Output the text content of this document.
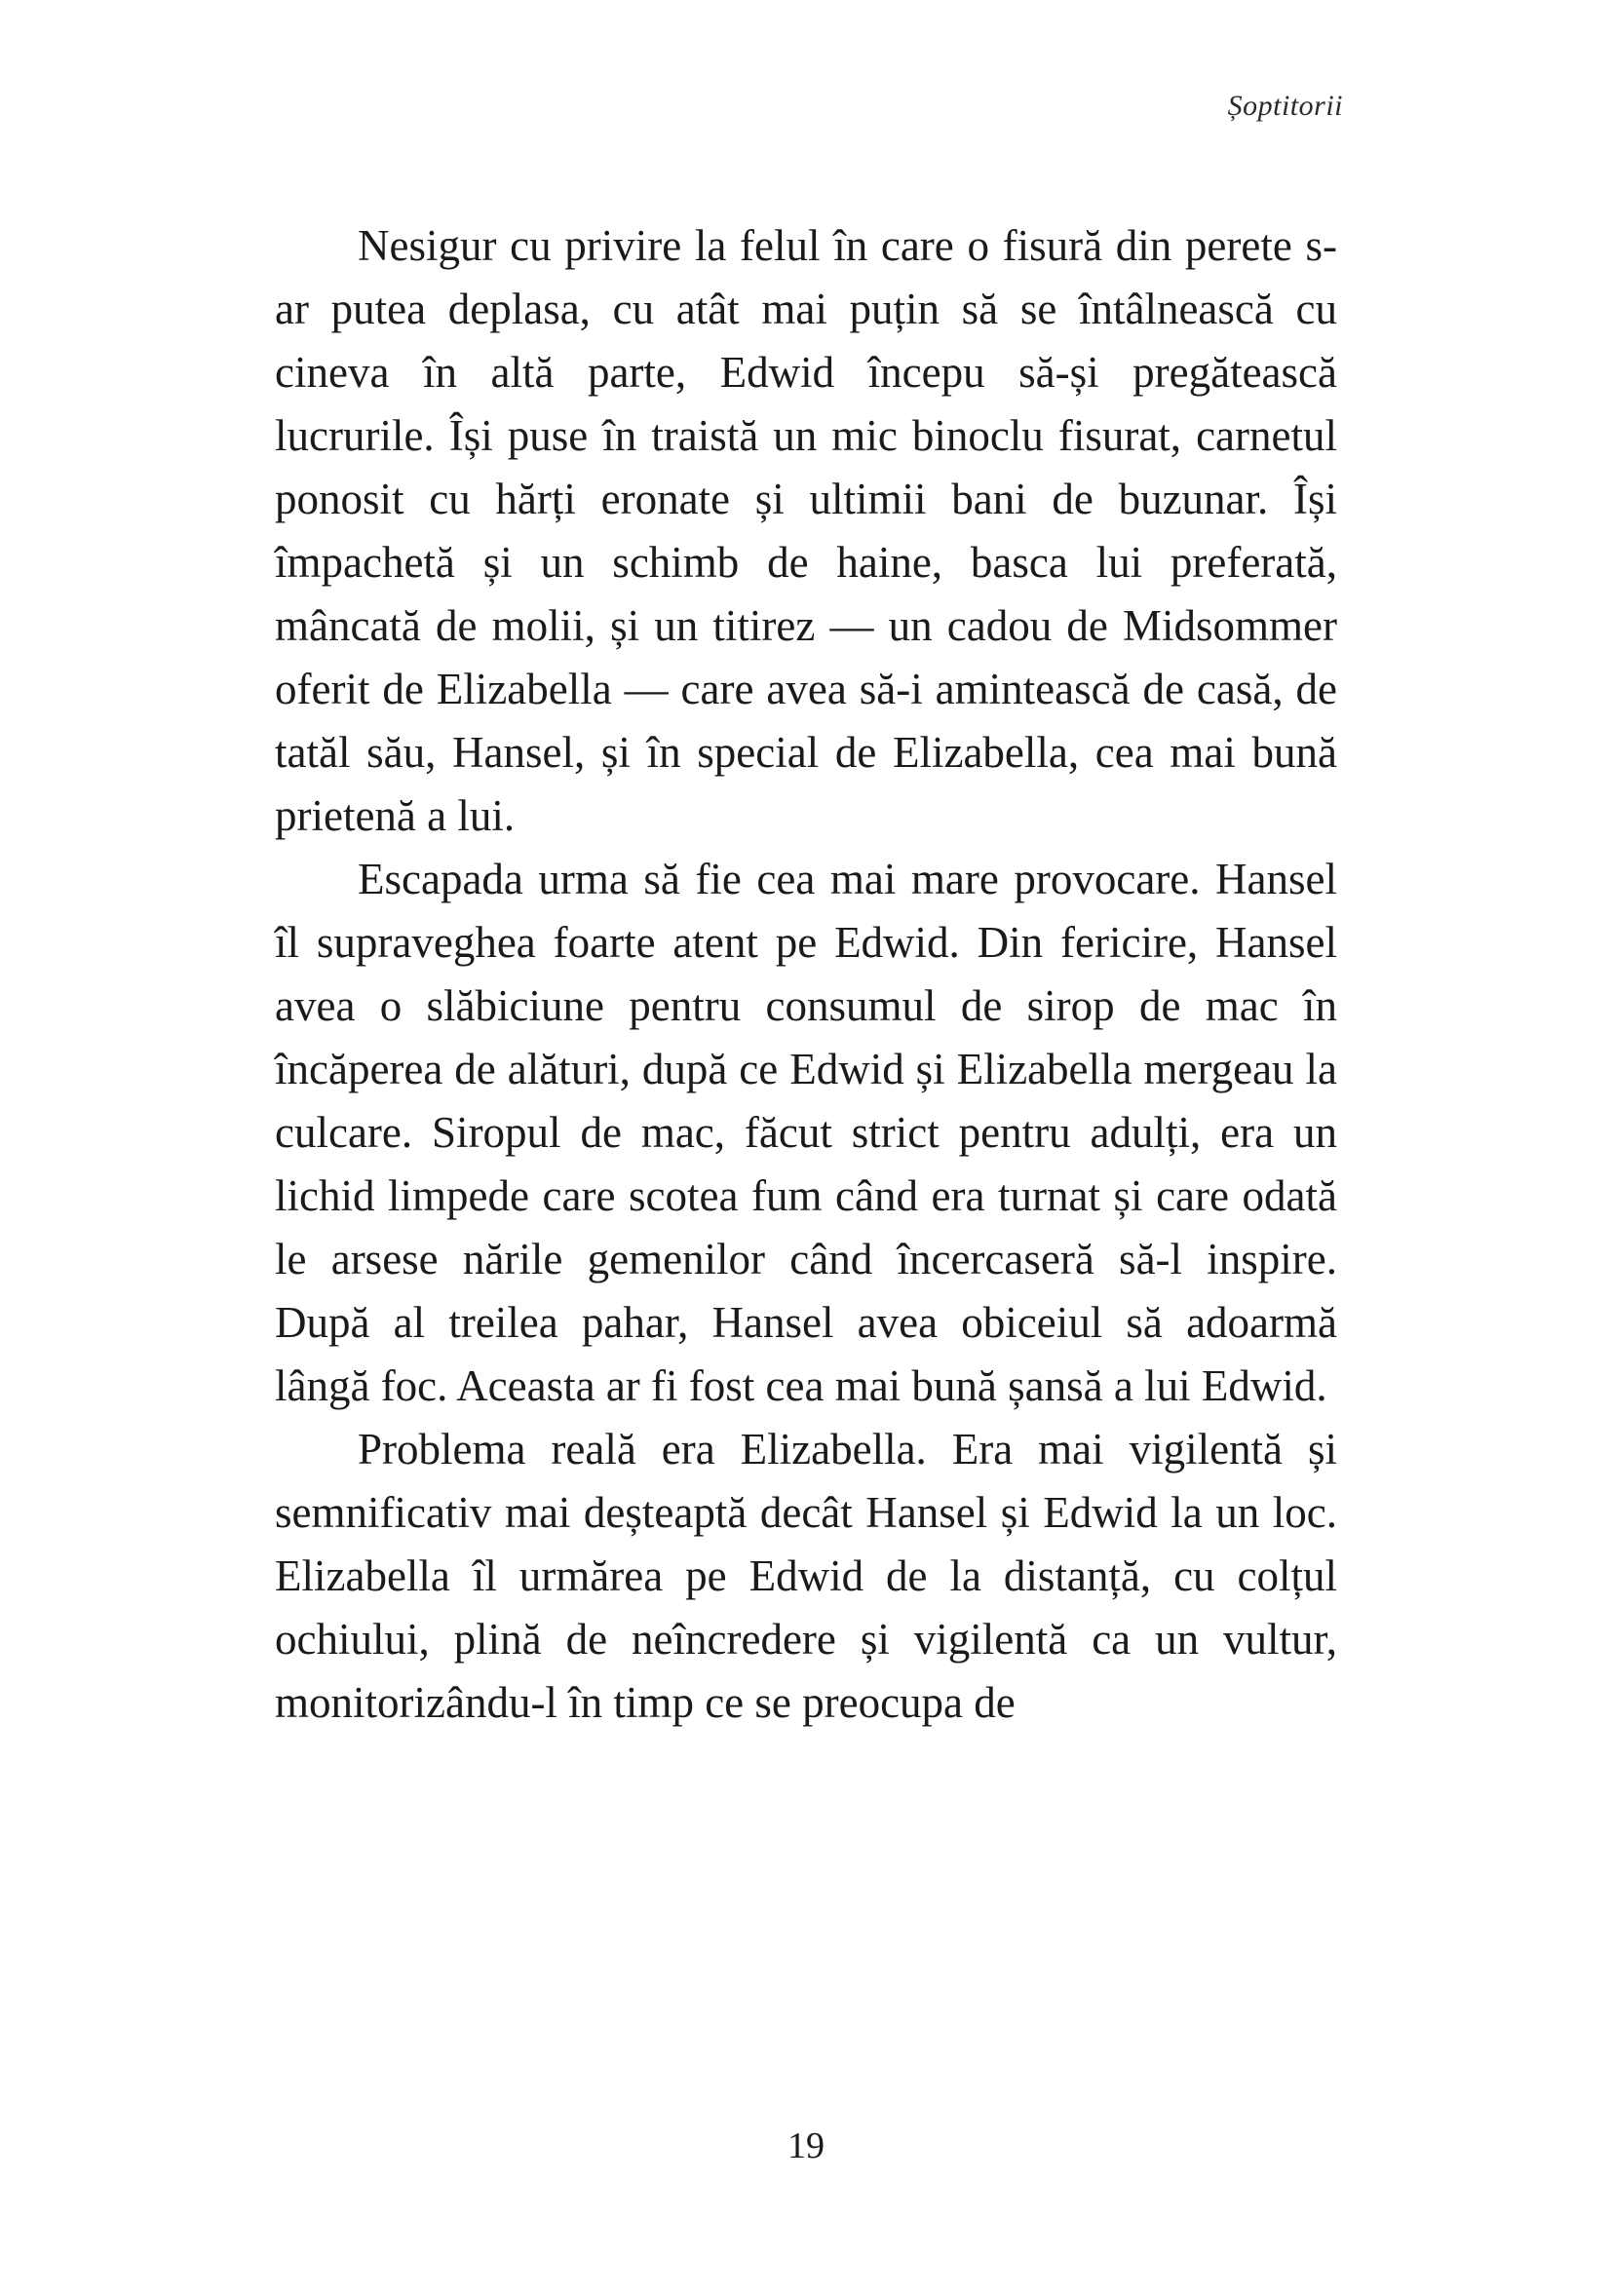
Șoptitorii

Nesigur cu privire la felul în care o fisură din perete s-ar putea deplasa, cu atât mai puțin să se întâlnească cu cineva în altă parte, Edwid începu să-și pregătească lucrurile. Își puse în traistă un mic binoclu fisurat, carnetul ponosit cu hărți eronate și ultimii bani de buzunar. Își împachetă și un schimb de haine, basca lui preferată, mâncată de molii, și un titirez — un cadou de Midsommer oferit de Elizabella — care avea să-i amintească de casă, de tatăl său, Hansel, și în special de Elizabella, cea mai bună prietenă a lui.

Escapada urma să fie cea mai mare provocare. Hansel îl supraveghea foarte atent pe Edwid. Din fericire, Hansel avea o slăbiciune pentru consumul de sirop de mac în încăperea de alături, după ce Edwid și Elizabella mergeau la culcare. Siropul de mac, făcut strict pentru adulți, era un lichid limpede care scotea fum când era turnat și care odată le arsese nările gemenilor când încercaseră să-l inspire. După al treilea pahar, Hansel avea obiceiul să adoarmă lângă foc. Aceasta ar fi fost cea mai bună șansă a lui Edwid.

Problema reală era Elizabella. Era mai vigilentă și semnificativ mai deșteaptă decât Hansel și Edwid la un loc. Elizabella îl urmărea pe Edwid de la distanță, cu colțul ochiului, plină de neîncredere și vigilentă ca un vultur, monitorizându-l în timp ce se preocupa de

19
